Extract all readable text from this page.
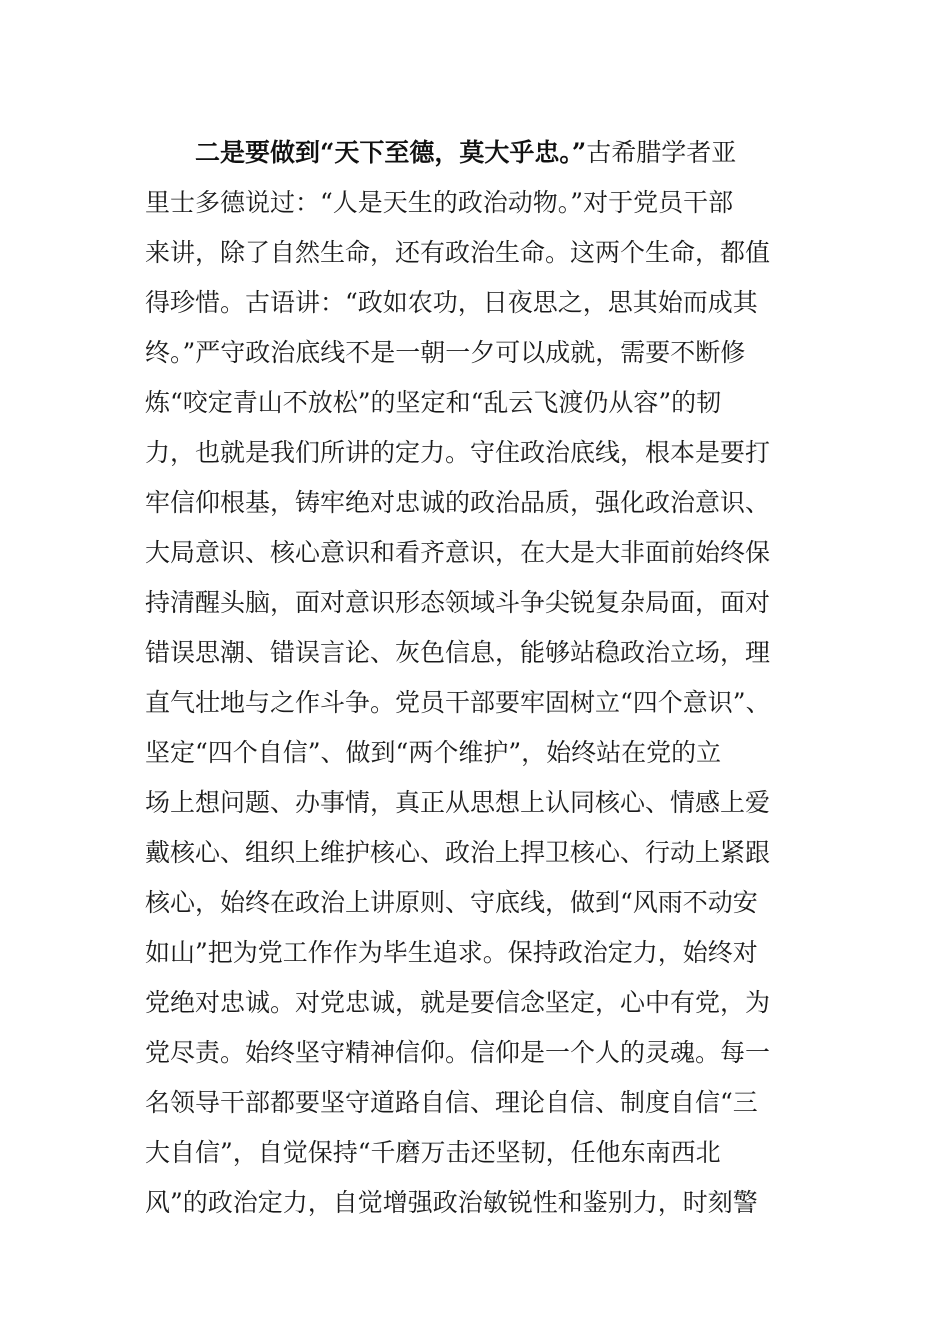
二是要做到“天下至德，莫大乎忠。”古希腊学者亚
里士多德说过：“人是天生的政治动物。”对于党员干部
来讲，除了自然生命，还有政治生命。这两个生命，都值
得珍惜。古语讲：“政如农功，日夜思之，思其始而成其
终。”严守政治底线不是一朝一夕可以成就，需要不断修
炼“咬定青山不放松”的坚定和“乱云飞渡仍从容”的韧
力，也就是我们所讲的定力。守住政治底线，根本是要打
牢信仰根基，铸牢绝对忠诚的政治品质，强化政治意识、
大局意识、核心意识和看齐意识，在大是大非面前始终保
持清醒头脑，面对意识形态领域斗争尖锐复杂局面，面对
错误思潮、错误言论、灰色信息，能够站稳政治立场，理
直气壮地与之作斗争。党员干部要牢固树立“四个意识”、
坚定“四个自信”、做到“两个维护”，始终站在党的立
场上想问题、办事情，真正从思想上认同核心、情感上爱
戴核心、组织上维护核心、政治上捍卫核心、行动上紧跟
核心，始终在政治上讲原则、守底线，做到“风雨不动安
如山”把为党工作作为毕生追求。保持政治定力，始终对
党绝对忠诚。对党忠诚，就是要信念坚定，心中有党，为
党尽责。始终坚守精神信仰。信仰是一个人的灵魂。每一
名领导干部都要坚守道路自信、理论自信、制度自信“三
大自信”，自觉保持“千磨万击还坚韧，任他东南西北
风”的政治定力，自觉增强政治敏锐性和鉴别力，时刻警
